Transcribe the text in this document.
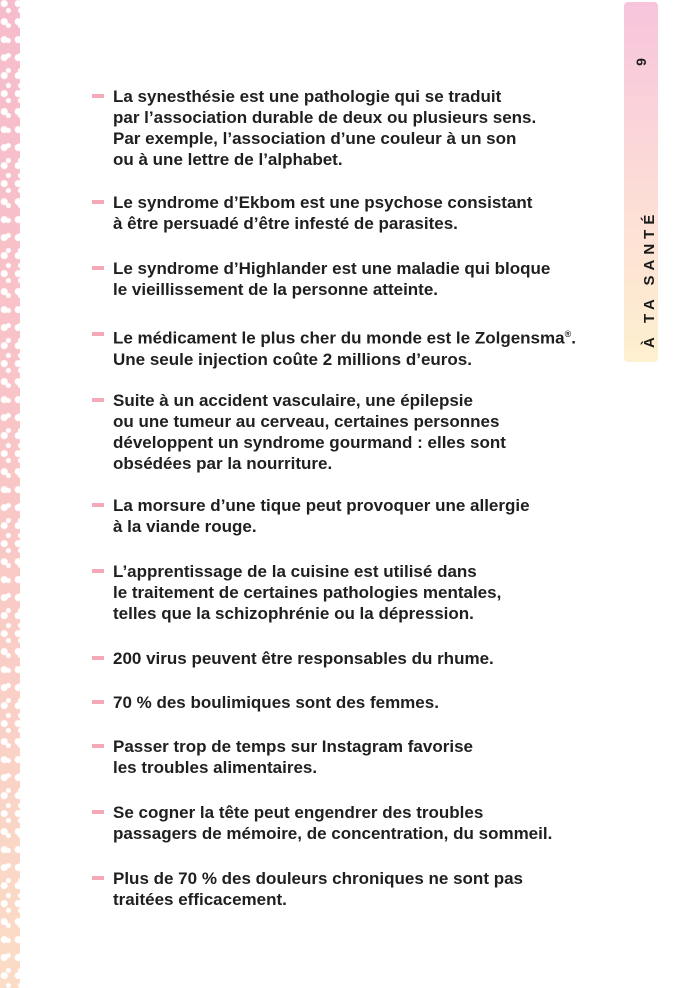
9
À TA SANTÉ
La synesthésie est une pathologie qui se traduit
par l’association durable de deux ou plusieurs sens.
Par exemple, l’association d’une couleur à un son
ou à une lettre de l’alphabet.
Le syndrome d’Ekbom est une psychose consistant
à être persuadé d’être infesté de parasites.
Le syndrome d’Highlander est une maladie qui bloque
le vieillissement de la personne atteinte.
Le médicament le plus cher du monde est le Zolgensma®.
Une seule injection coûte 2 millions d’euros.
Suite à un accident vasculaire, une épilepsie
ou une tumeur au cerveau, certaines personnes
développent un syndrome gourmand : elles sont
obsédées par la nourriture.
La morsure d’une tique peut provoquer une allergie
à la viande rouge.
L’apprentissage de la cuisine est utilisé dans
le traitement de certaines pathologies mentales,
telles que la schizophrénie ou la dépression.
200 virus peuvent être responsables du rhume.
70 % des boulimiques sont des femmes.
Passer trop de temps sur Instagram favorise
les troubles alimentaires.
Se cogner la tête peut engendrer des troubles
passagers de mémoire, de concentration, du sommeil.
Plus de 70 % des douleurs chroniques ne sont pas
traitées efficacement.
